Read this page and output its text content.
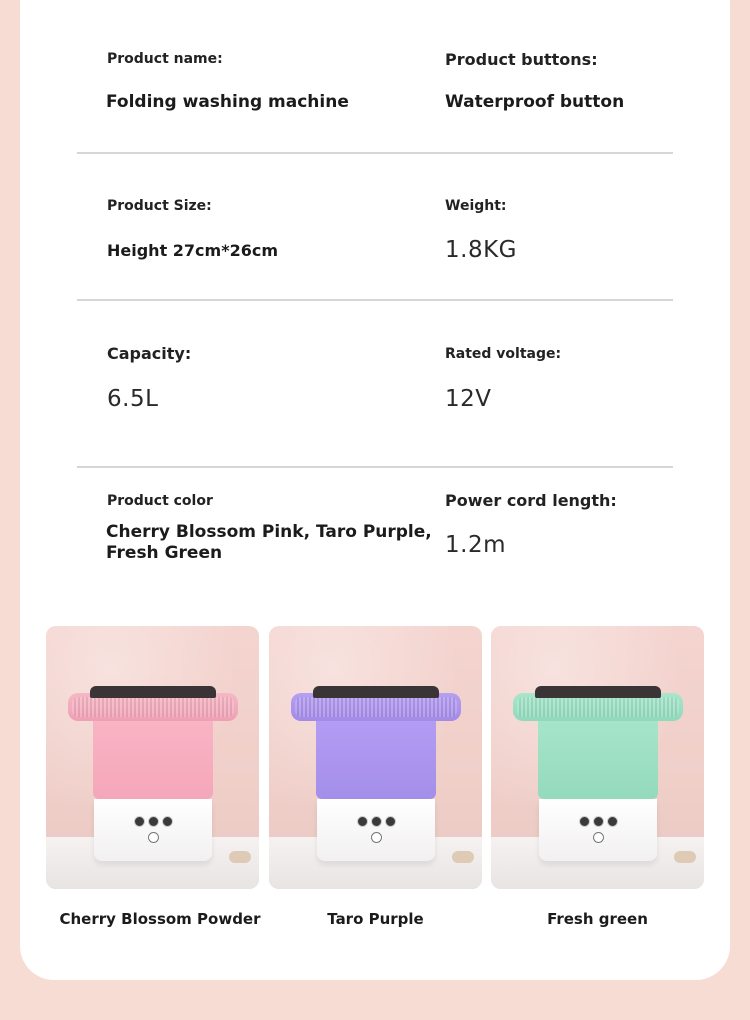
Product name:
Folding washing machine
Product buttons:
Waterproof button
Product Size:
Height 27cm*26cm
Weight:
1.8KG
Capacity:
6.5L
Rated voltage:
12V
Product color
Cherry Blossom Pink, Taro Purple,
Fresh Green
Power cord length:
1.2m
Cherry Blossom Powder	Taro Purple	Fresh green
